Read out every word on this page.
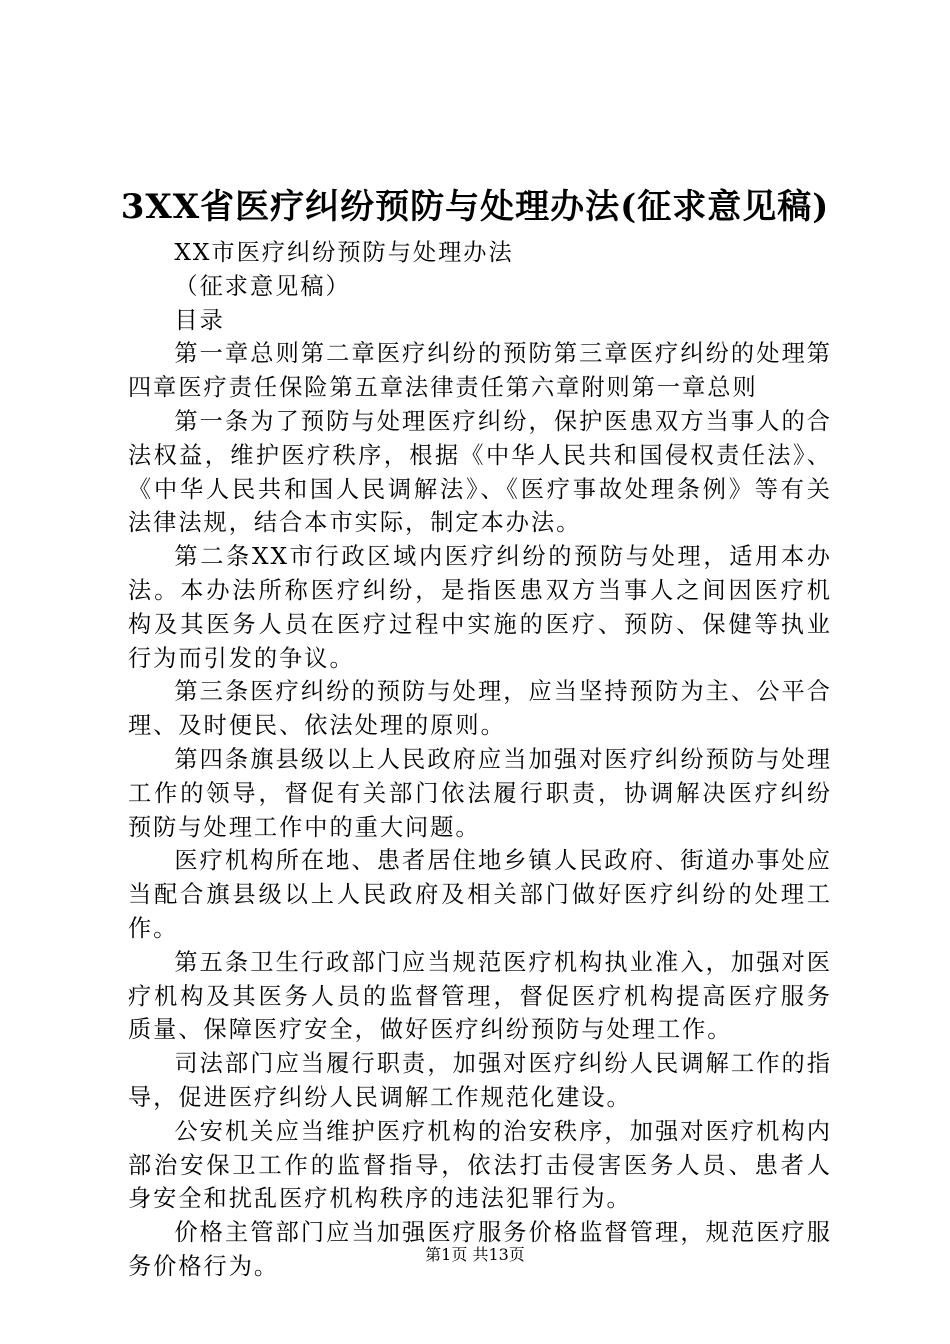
3XX省医疗纠纷预防与处理办法(征求意见稿)

XX市医疗纠纷预防与处理办法

（征求意见稿）

目录

第一章总则第二章医疗纠纷的预防第三章医疗纠纷的处理第四章医疗责任保险第五章法律责任第六章附则第一章总则

第一条为了预防与处理医疗纠纷，保护医患双方当事人的合法权益，维护医疗秩序，根据《中华人民共和国侵权责任法》、《中华人民共和国人民调解法》、《医疗事故处理条例》等有关法律法规，结合本市实际，制定本办法。

第二条XX市行政区域内医疗纠纷的预防与处理，适用本办法。本办法所称医疗纠纷，是指医患双方当事人之间因医疗机构及其医务人员在医疗过程中实施的医疗、预防、保健等执业行为而引发的争议。

第三条医疗纠纷的预防与处理，应当坚持预防为主、公平合理、及时便民、依法处理的原则。

第四条旗县级以上人民政府应当加强对医疗纠纷预防与处理工作的领导，督促有关部门依法履行职责，协调解决医疗纠纷预防与处理工作中的重大问题。

医疗机构所在地、患者居住地乡镇人民政府、街道办事处应当配合旗县级以上人民政府及相关部门做好医疗纠纷的处理工作。

第五条卫生行政部门应当规范医疗机构执业准入，加强对医疗机构及其医务人员的监督管理，督促医疗机构提高医疗服务质量、保障医疗安全，做好医疗纠纷预防与处理工作。

司法部门应当履行职责，加强对医疗纠纷人民调解工作的指导，促进医疗纠纷人民调解工作规范化建设。

公安机关应当维护医疗机构的治安秩序，加强对医疗机构内部治安保卫工作的监督指导，依法打击侵害医务人员、患者人身安全和扰乱医疗机构秩序的违法犯罪行为。

价格主管部门应当加强医疗服务价格监督管理，规范医疗服务价格行为。	第1页 共13页
